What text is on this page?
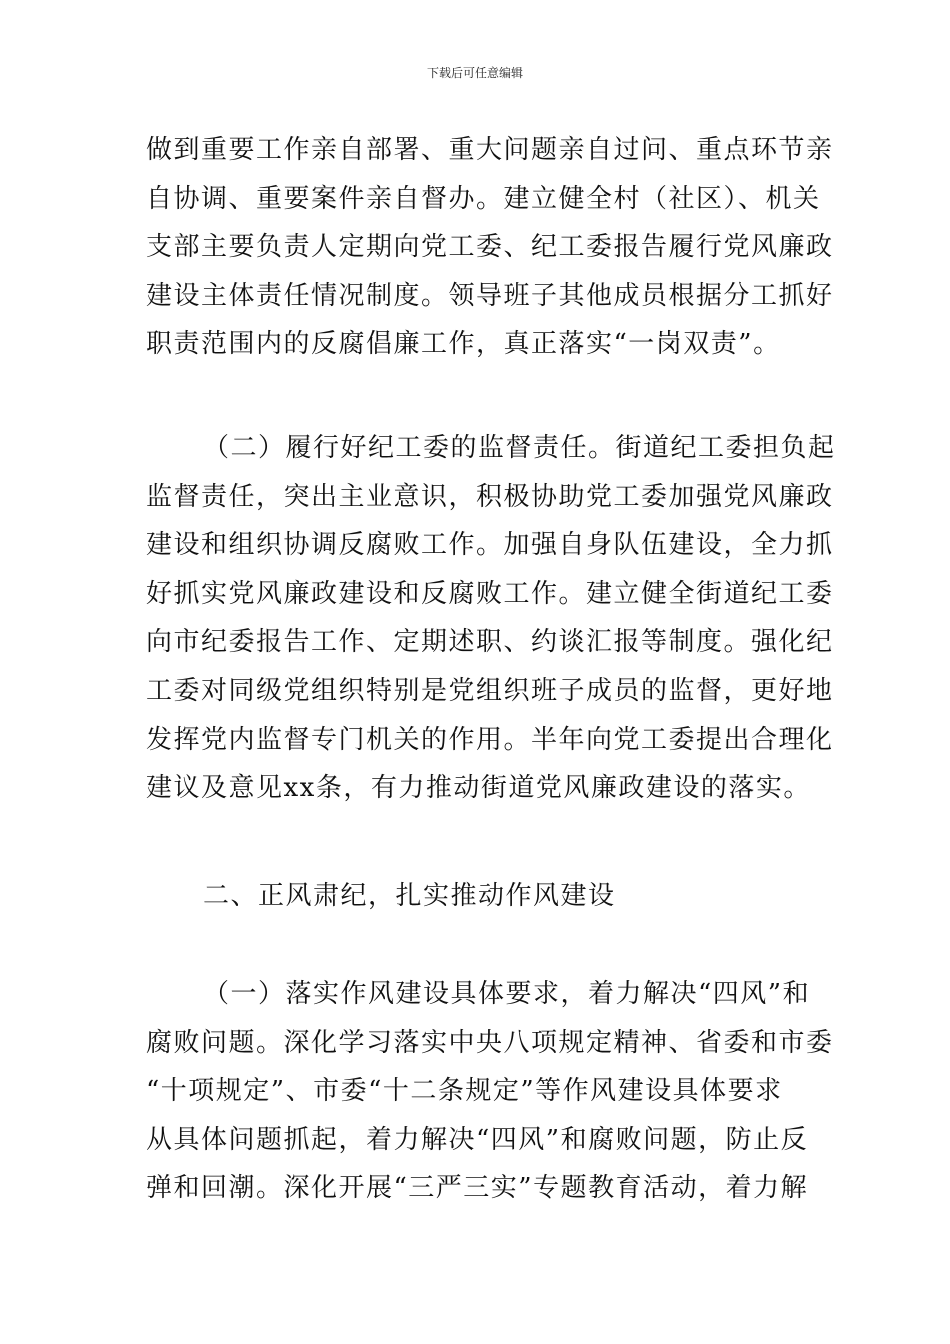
下载后可任意编辑
做到重要工作亲自部署、重大问题亲自过问、重点环节亲
自协调、重要案件亲自督办。建立健全村（社区）、机关
支部主要负责人定期向党工委、纪工委报告履行党风廉政
建设主体责任情况制度。领导班子其他成员根据分工抓好
职责范围内的反腐倡廉工作，真正落实“一岗双责”。
（二）履行好纪工委的监督责任。街道纪工委担负起
监督责任，突出主业意识，积极协助党工委加强党风廉政
建设和组织协调反腐败工作。加强自身队伍建设，全力抓
好抓实党风廉政建设和反腐败工作。建立健全街道纪工委
向市纪委报告工作、定期述职、约谈汇报等制度。强化纪
工委对同级党组织特别是党组织班子成员的监督，更好地
发挥党内监督专门机关的作用。半年向党工委提出合理化
建议及意见xx条，有力推动街道党风廉政建设的落实。
二、正风肃纪，扎实推动作风建设
（一）落实作风建设具体要求，着力解决“四风”和
腐败问题。深化学习落实中央八项规定精神、省委和市委
“十项规定”、市委“十二条规定”等作风建设具体要求
从具体问题抓起，着力解决“四风”和腐败问题，防止反
弹和回潮。深化开展“三严三实”专题教育活动，着力解
